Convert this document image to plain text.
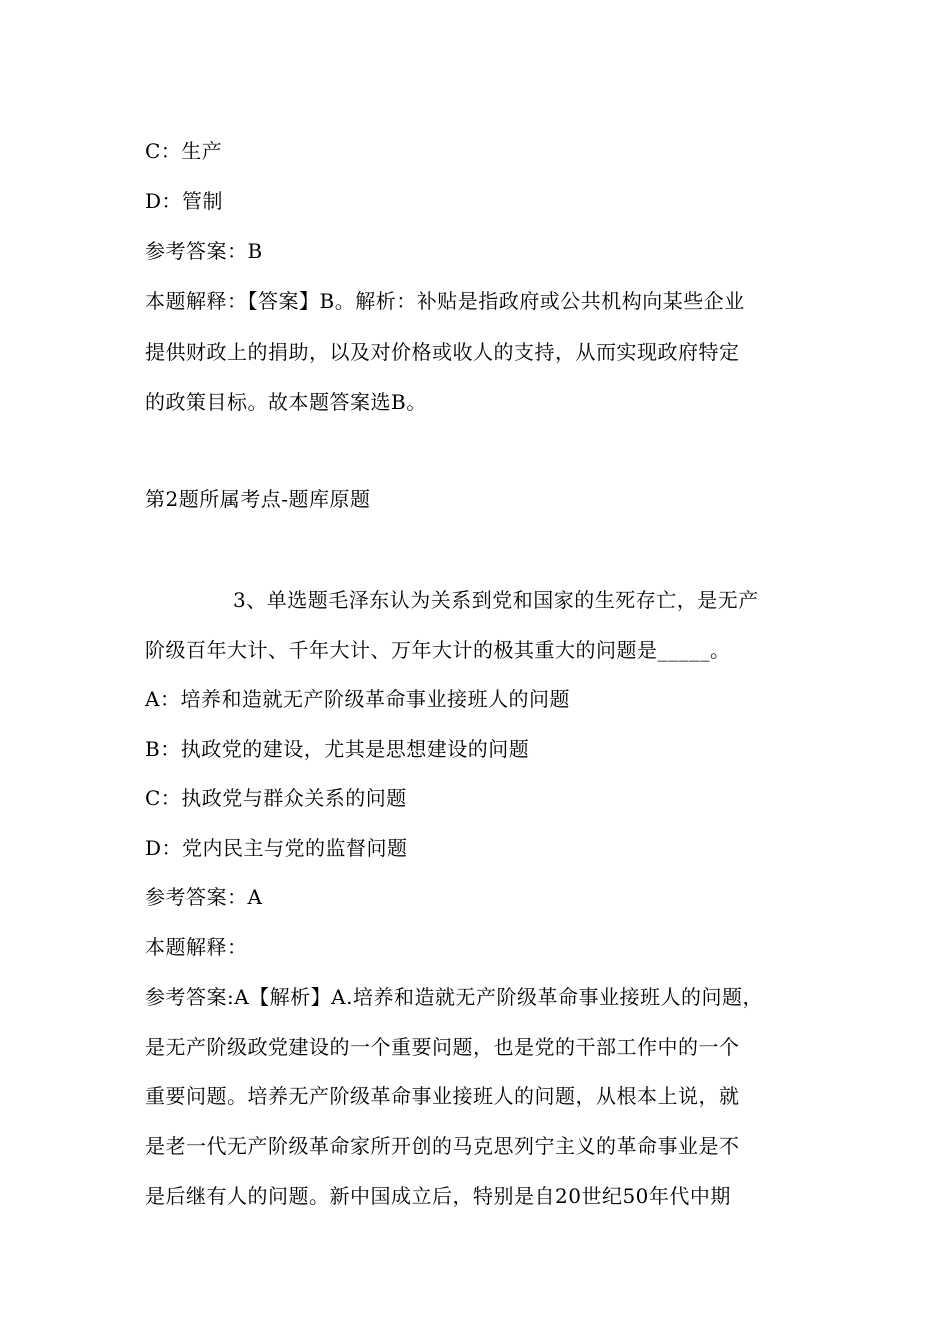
C：生产
D：管制
参考答案：B
本题解释：【答案】B。解析：补贴是指政府或公共机构向某些企业
提供财政上的捐助，以及对价格或收人的支持，从而实现政府特定
的政策目标。故本题答案选B。
第2题所属考点-题库原题
3、单选题毛泽东认为关系到党和国家的生死存亡，是无产
阶级百年大计、千年大计、万年大计的极其重大的问题是_____。
A：培养和造就无产阶级革命事业接班人的问题
B：执政党的建设，尤其是思想建设的问题
C：执政党与群众关系的问题
D：党内民主与党的监督问题
参考答案：A
本题解释：
参考答案:A【解析】A.培养和造就无产阶级革命事业接班人的问题，
是无产阶级政党建设的一个重要问题，也是党的干部工作中的一个
重要问题。培养无产阶级革命事业接班人的问题，从根本上说，就
是老一代无产阶级革命家所开创的马克思列宁主义的革命事业是不
是后继有人的问题。新中国成立后，特别是自20世纪50年代中期
